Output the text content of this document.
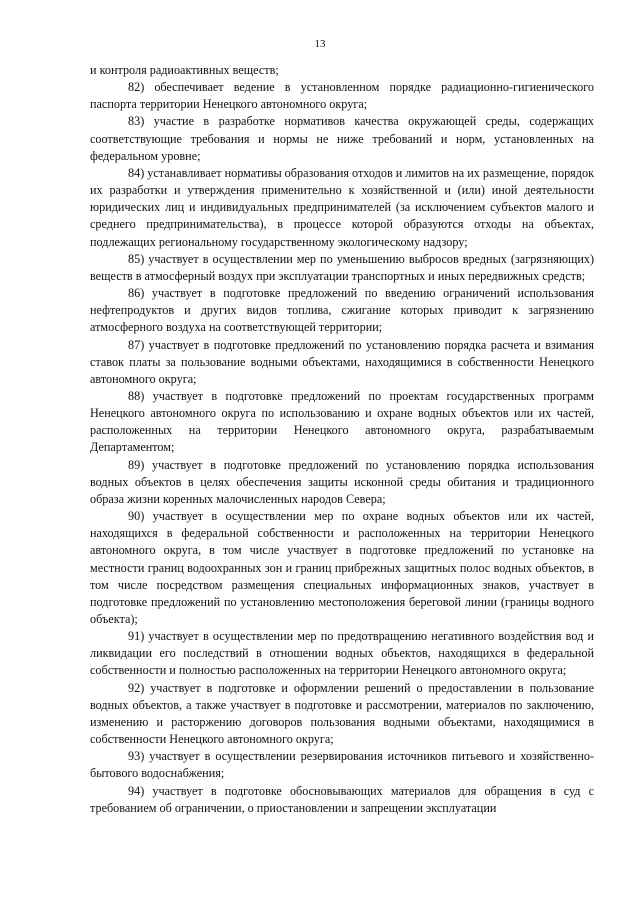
13

и контроля радиоактивных веществ;

82) обеспечивает ведение в установленном порядке радиационно-гигиенического паспорта территории Ненецкого автономного округа;

83) участие в разработке нормативов качества окружающей среды, содержащих соответствующие требования и нормы не ниже требований и норм, установленных на федеральном уровне;

84) устанавливает нормативы образования отходов и лимитов на их размещение, порядок их разработки и утверждения применительно к хозяйственной и (или) иной деятельности юридических лиц и индивидуальных предпринимателей (за исключением субъектов малого и среднего предпринимательства), в процессе которой образуются отходы на объектах, подлежащих региональному государственному экологическому надзору;

85) участвует в осуществлении мер по уменьшению выбросов вредных (загрязняющих) веществ в атмосферный воздух при эксплуатации транспортных и иных передвижных средств;

86) участвует в подготовке предложений по введению ограничений использования нефтепродуктов и других видов топлива, сжигание которых приводит к загрязнению атмосферного воздуха на соответствующей территории;

87) участвует в подготовке предложений по установлению порядка расчета и взимания ставок платы за пользование водными объектами, находящимися в собственности Ненецкого автономного округа;

88) участвует в подготовке предложений по проектам государственных программ Ненецкого автономного округа по использованию и охране водных объектов или их частей, расположенных на территории Ненецкого автономного округа, разрабатываемым Департаментом;

89) участвует в подготовке предложений по установлению порядка использования водных объектов в целях обеспечения защиты исконной среды обитания и традиционного образа жизни коренных малочисленных народов Севера;

90) участвует в осуществлении мер по охране водных объектов или их частей, находящихся в федеральной собственности и расположенных на территории Ненецкого автономного округа, в том числе участвует в подготовке предложений по установке на местности границ водоохранных зон и границ прибрежных защитных полос водных объектов, в том числе посредством размещения специальных информационных знаков, участвует в подготовке предложений по установлению местоположения береговой линии (границы водного объекта);

91) участвует в осуществлении мер по предотвращению негативного воздействия вод и ликвидации его последствий в отношении водных объектов, находящихся в федеральной собственности и полностью расположенных на территории Ненецкого автономного округа;

92) участвует в подготовке и оформлении решений о предоставлении в пользование водных объектов, а также участвует в подготовке и рассмотрении, материалов по заключению, изменению и расторжению договоров пользования водными объектами, находящимися в собственности Ненецкого автономного округа;

93) участвует в осуществлении резервирования источников питьевого и хозяйственно-бытового водоснабжения;

94) участвует в подготовке обосновывающих материалов для обращения в суд с требованием об ограничении, о приостановлении и запрещении эксплуатации
